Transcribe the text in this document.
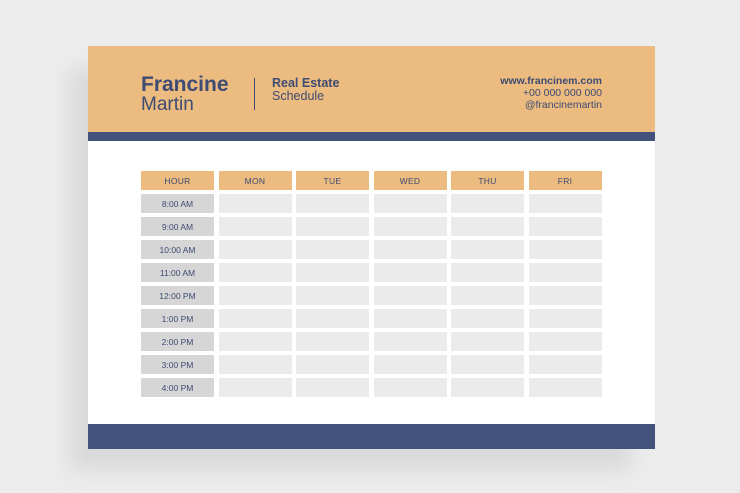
Francine
Martin
Real Estate
Schedule
www.francinem.com
+00 000 000 000
@francinemartin
HOUR	MON	TUE	WED	THU	FRI
8:00 AM
9:00 AM
10:00 AM
11:00 AM
12:00 PM
1:00 PM
2:00 PM
3:00 PM
4:00 PM
